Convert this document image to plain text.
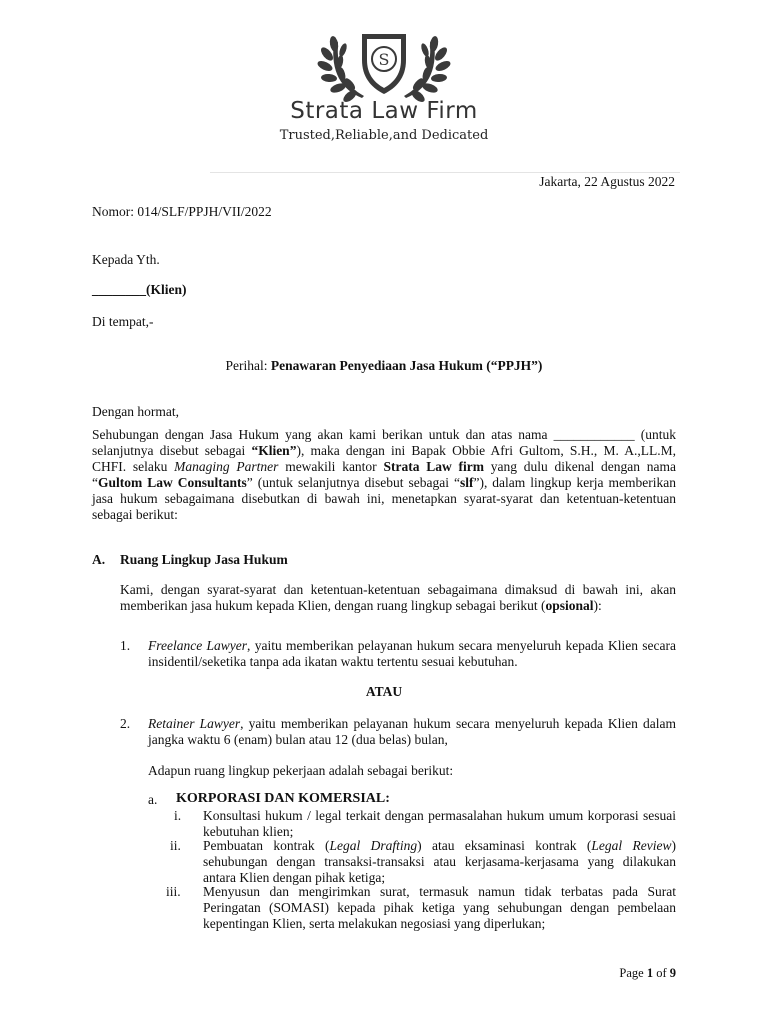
S
Strata Law Firm
Trusted,Reliable,and Dedicated
Jakarta, 22 Agustus 2022
Nomor: 014/SLF/PPJH/VII/2022
Kepada Yth.
________(Klien)
Di tempat,-
Perihal: Penawaran Penyediaan Jasa Hukum (“PPJH”)
Dengan hormat,
Sehubungan dengan Jasa Hukum yang akan kami berikan untuk dan atas nama ____________ (untuk selanjutnya disebut sebagai “Klien”), maka dengan ini Bapak Obbie Afri Gultom, S.H., M. A.,LL.M, CHFI. selaku Managing Partner mewakili kantor Strata Law firm yang dulu dikenal dengan nama “Gultom Law Consultants” (untuk selanjutnya disebut sebagai “slf”), dalam lingkup kerja memberikan jasa hukum sebagaimana disebutkan di bawah ini, menetapkan syarat-syarat dan ketentuan-ketentuan sebagai berikut:
A. Ruang Lingkup Jasa Hukum
Kami, dengan syarat-syarat dan ketentuan-ketentuan sebagaimana dimaksud di bawah ini, akan memberikan jasa hukum kepada Klien, dengan ruang lingkup sebagai berikut (opsional):
1. Freelance Lawyer, yaitu memberikan pelayanan hukum secara menyeluruh kepada Klien secara insidentil/seketika tanpa ada ikatan waktu tertentu sesuai kebutuhan.
ATAU
2. Retainer Lawyer, yaitu memberikan pelayanan hukum secara menyeluruh kepada Klien dalam jangka waktu 6 (enam) bulan atau 12 (dua belas) bulan,
Adapun ruang lingkup pekerjaan adalah sebagai berikut:
a. KORPORASI DAN KOMERSIAL:
i. Konsultasi hukum / legal terkait dengan permasalahan hukum umum korporasi sesuai kebutuhan klien;
ii. Pembuatan kontrak (Legal Drafting) atau eksaminasi kontrak (Legal Review) sehubungan dengan transaksi-transaksi atau kerjasama-kerjasama yang dilakukan antara Klien dengan pihak ketiga;
iii. Menyusun dan mengirimkan surat, termasuk namun tidak terbatas pada Surat Peringatan (SOMASI) kepada pihak ketiga yang sehubungan dengan pembelaan kepentingan Klien, serta melakukan negosiasi yang diperlukan;
Page 1 of 9
